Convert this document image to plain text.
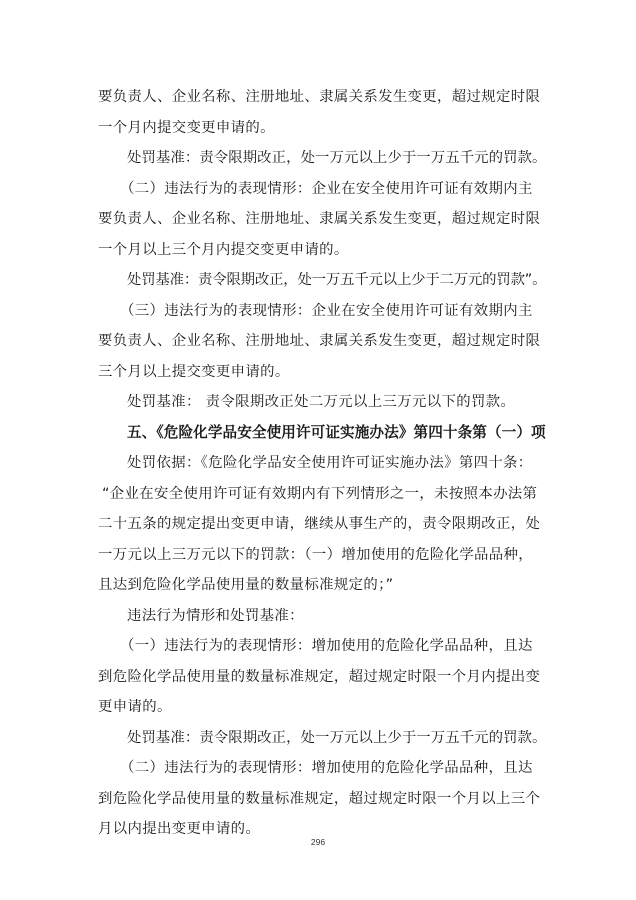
要负责人、企业名称、注册地址、隶属关系发生变更，超过规定时限
一个月内提交变更申请的。
处罚基准：责令限期改正，处一万元以上少于一万五千元的罚款。
（二）违法行为的表现情形：企业在安全使用许可证有效期内主
要负责人、企业名称、注册地址、隶属关系发生变更，超过规定时限
一个月以上三个月内提交变更申请的。
处罚基准：责令限期改正，处一万五千元以上少于二万元的罚款”。
（三）违法行为的表现情形：企业在安全使用许可证有效期内主
要负责人、企业名称、注册地址、隶属关系发生变更，超过规定时限
三个月以上提交变更申请的。
处罚基准： 责令限期改正处二万元以上三万元以下的罚款。
五、《危险化学品安全使用许可证实施办法》第四十条第（一）项
处罚依据：《危险化学品安全使用许可证实施办法》第四十条：
“企业在安全使用许可证有效期内有下列情形之一，未按照本办法第
二十五条的规定提出变更申请，继续从事生产的，责令限期改正，处
一万元以上三万元以下的罚款：（一）增加使用的危险化学品品种，
且达到危险化学品使用量的数量标准规定的；”
违法行为情形和处罚基准：
（一）违法行为的表现情形：增加使用的危险化学品品种，且达
到危险化学品使用量的数量标准规定，超过规定时限一个月内提出变
更申请的。
处罚基准：责令限期改正，处一万元以上少于一万五千元的罚款。
（二）违法行为的表现情形：增加使用的危险化学品品种，且达
到危险化学品使用量的数量标准规定，超过规定时限一个月以上三个
月以内提出变更申请的。
296
